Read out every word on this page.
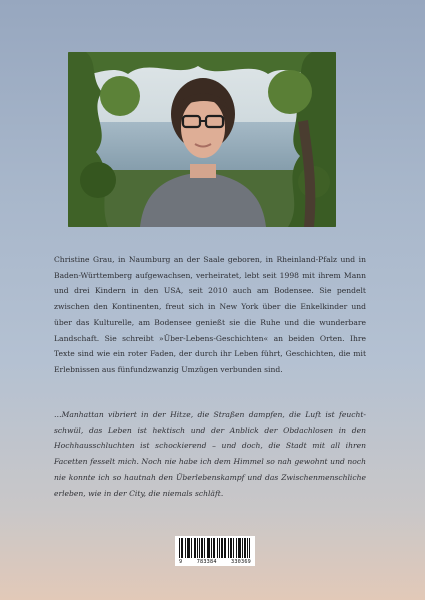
Christine Grau, in Naumburg an der Saale geboren, in Rheinland-Pfalz und in Baden-Württemberg aufgewachsen, verheiratet, lebt seit 1998 mit ihrem Mann und drei Kindern in den USA, seit 2010 auch am Bodensee. Sie pendelt zwischen den Kontinenten, freut sich in New York über die Enkelkinder und über das Kulturelle, am Bodensee genießt sie die Ruhe und die wunderbare Landschaft. Sie schreibt »Über-Lebens-Geschichten« an beiden Orten. Ihre Texte sind wie ein roter Faden, der durch ihr Leben führt, Geschichten, die mit Erlebnissen aus fünfundzwanzig Umzügen verbunden sind.

…Manhattan vibriert in der Hitze, die Straßen dampfen, die Luft ist feucht-schwül, das Leben ist hektisch und der Anblick der Obdachlosen in den Hochhausschluchten ist schockierend – und doch, die Stadt mit all ihren Facetten fesselt mich. Noch nie habe ich dem Himmel so nah gewohnt und noch nie konnte ich so hautnah den Überlebenskampf und das Zwischenmenschliche erleben, wie in der City, die niemals schläft.

9	783384	330369
